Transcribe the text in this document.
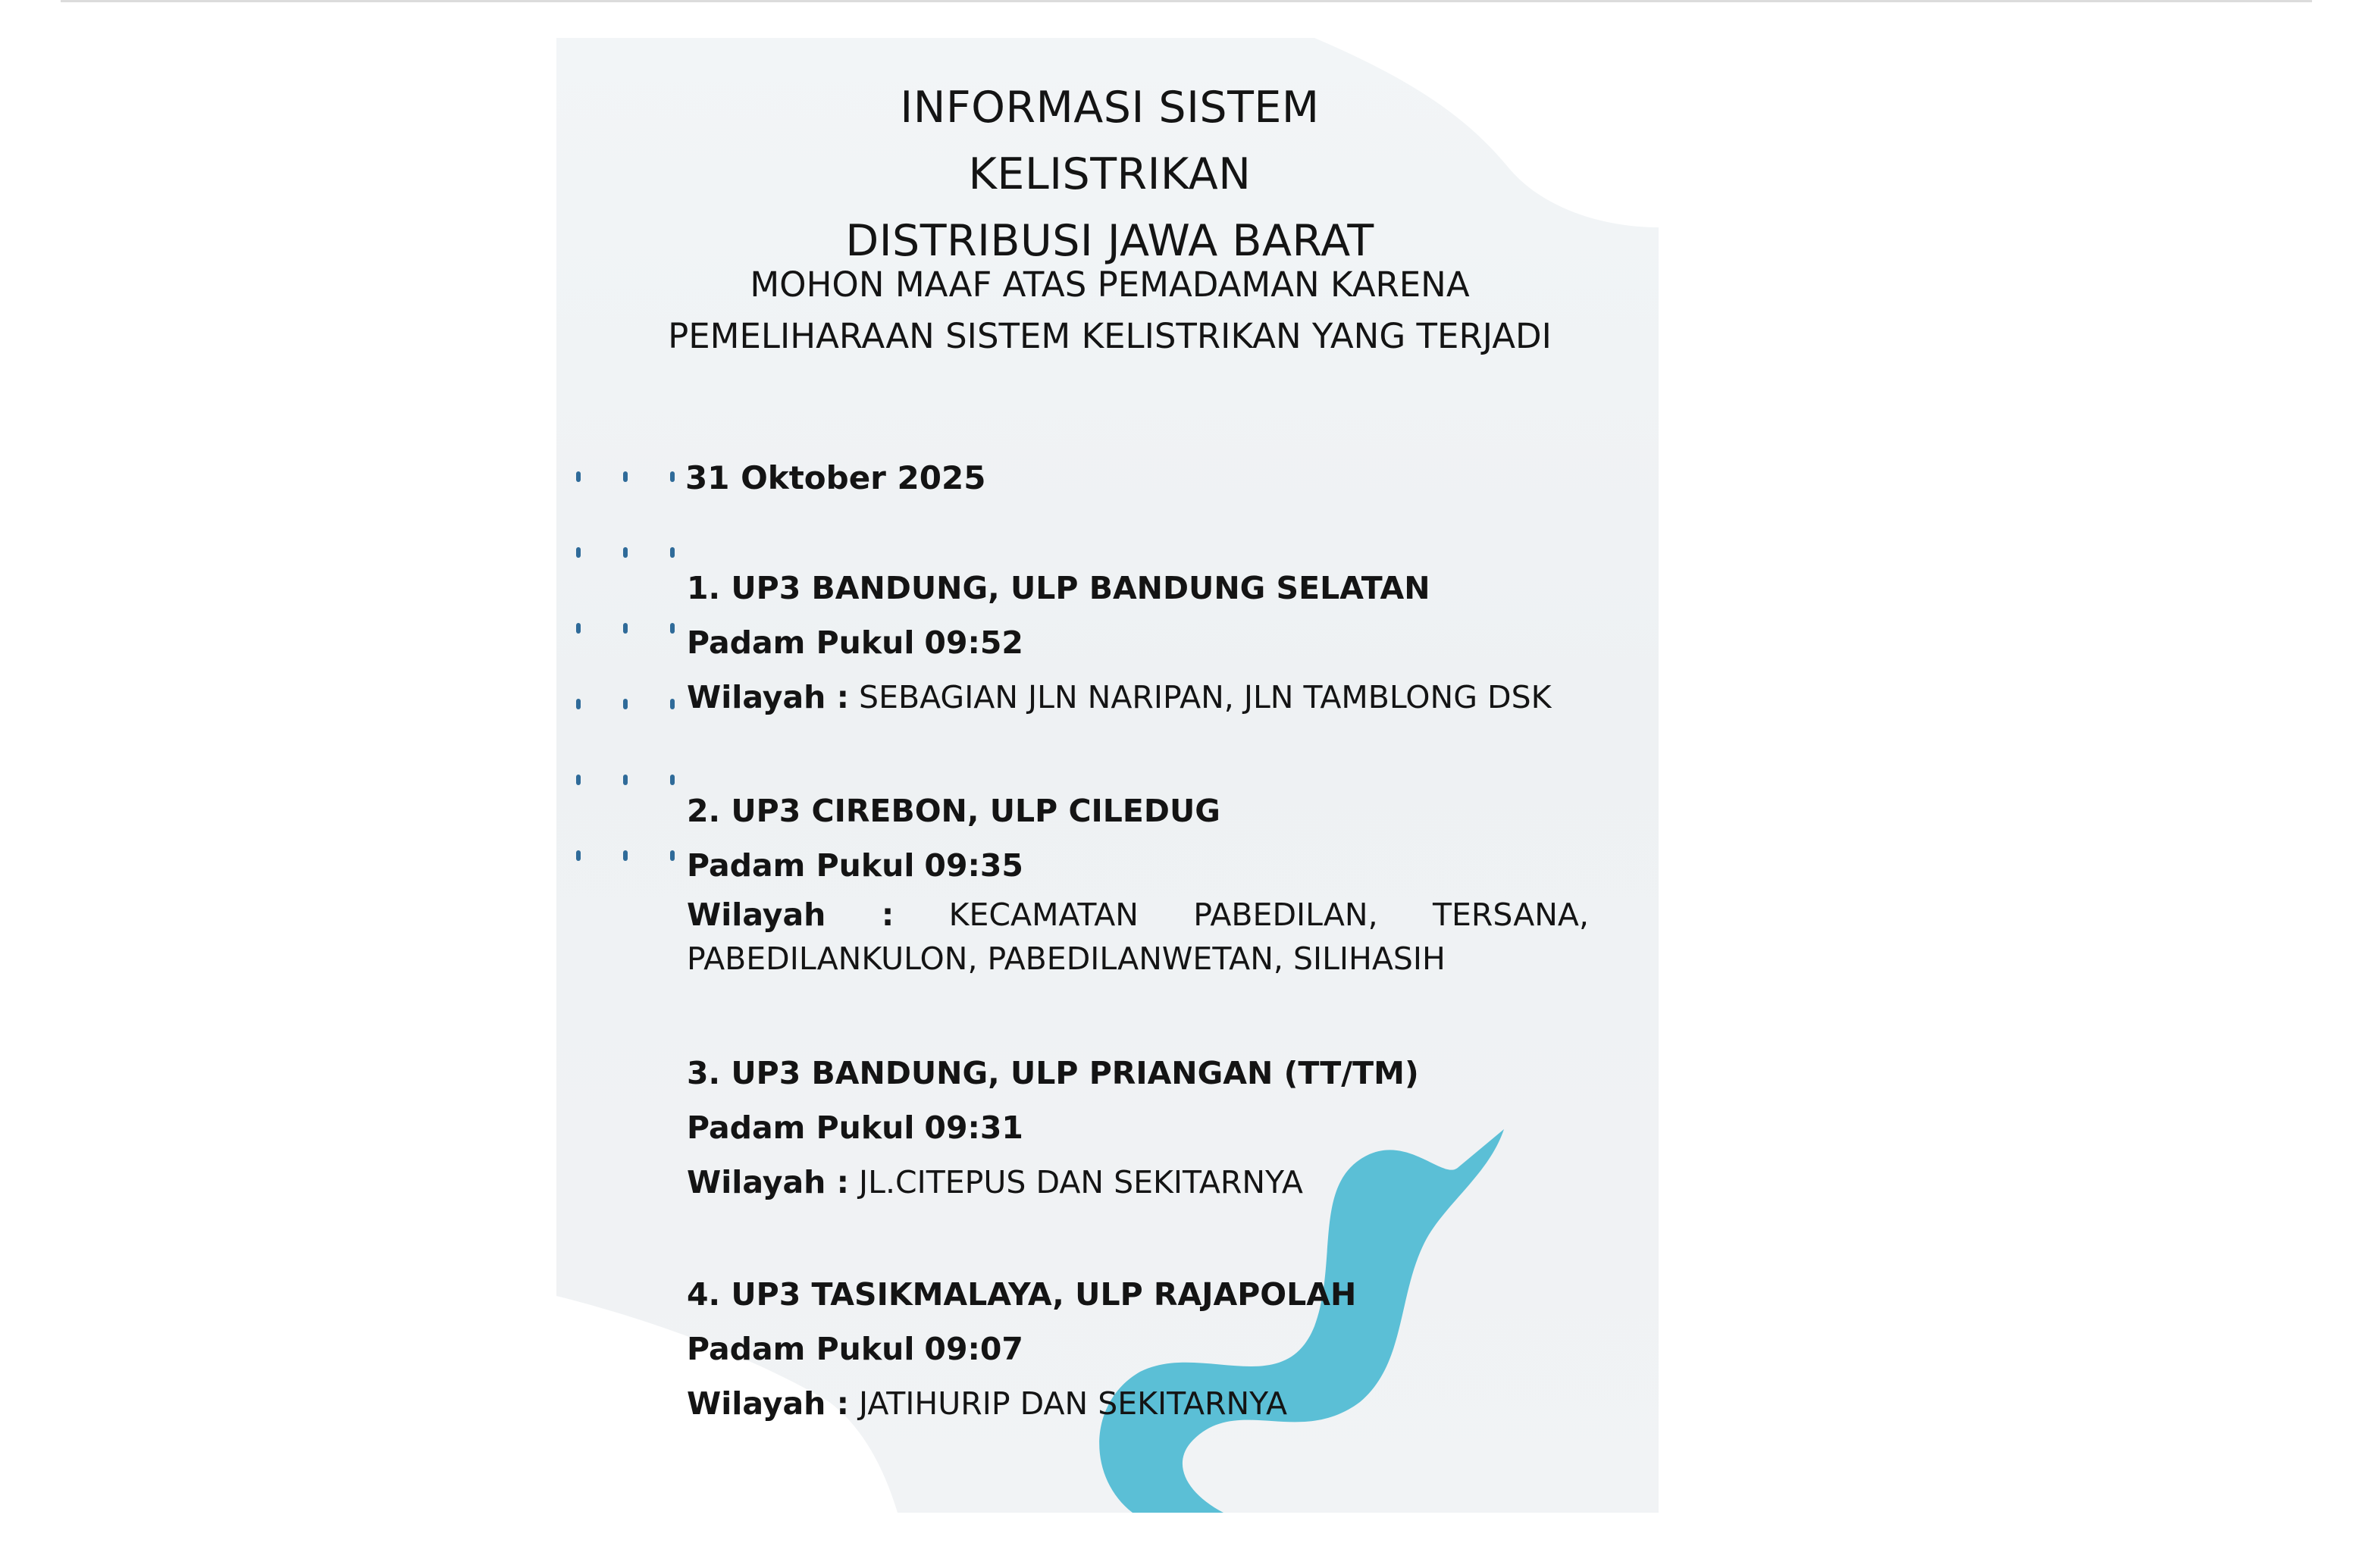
INFORMASI SISTEM KELISTRIKAN
DISTRIBUSI JAWA BARAT
MOHON MAAF ATAS PEMADAMAN KARENA
PEMELIHARAAN SISTEM KELISTRIKAN YANG TERJADI
31 Oktober 2025
1. UP3 BANDUNG, ULP BANDUNG SELATAN
Padam Pukul 09:52
Wilayah : SEBAGIAN JLN NARIPAN, JLN TAMBLONG DSK
2. UP3 CIREBON, ULP CILEDUG
Padam Pukul 09:35
Wilayah : KECAMATAN PABEDILAN, TERSANA, PABEDILANKULON, PABEDILANWETAN, SILIHASIH
3. UP3 BANDUNG, ULP PRIANGAN (TT/TM)
Padam Pukul 09:31
Wilayah : JL.CITEPUS DAN SEKITARNYA
4. UP3 TASIKMALAYA, ULP RAJAPOLAH
Padam Pukul 09:07
Wilayah : JATIHURIP DAN SEKITARNYA
